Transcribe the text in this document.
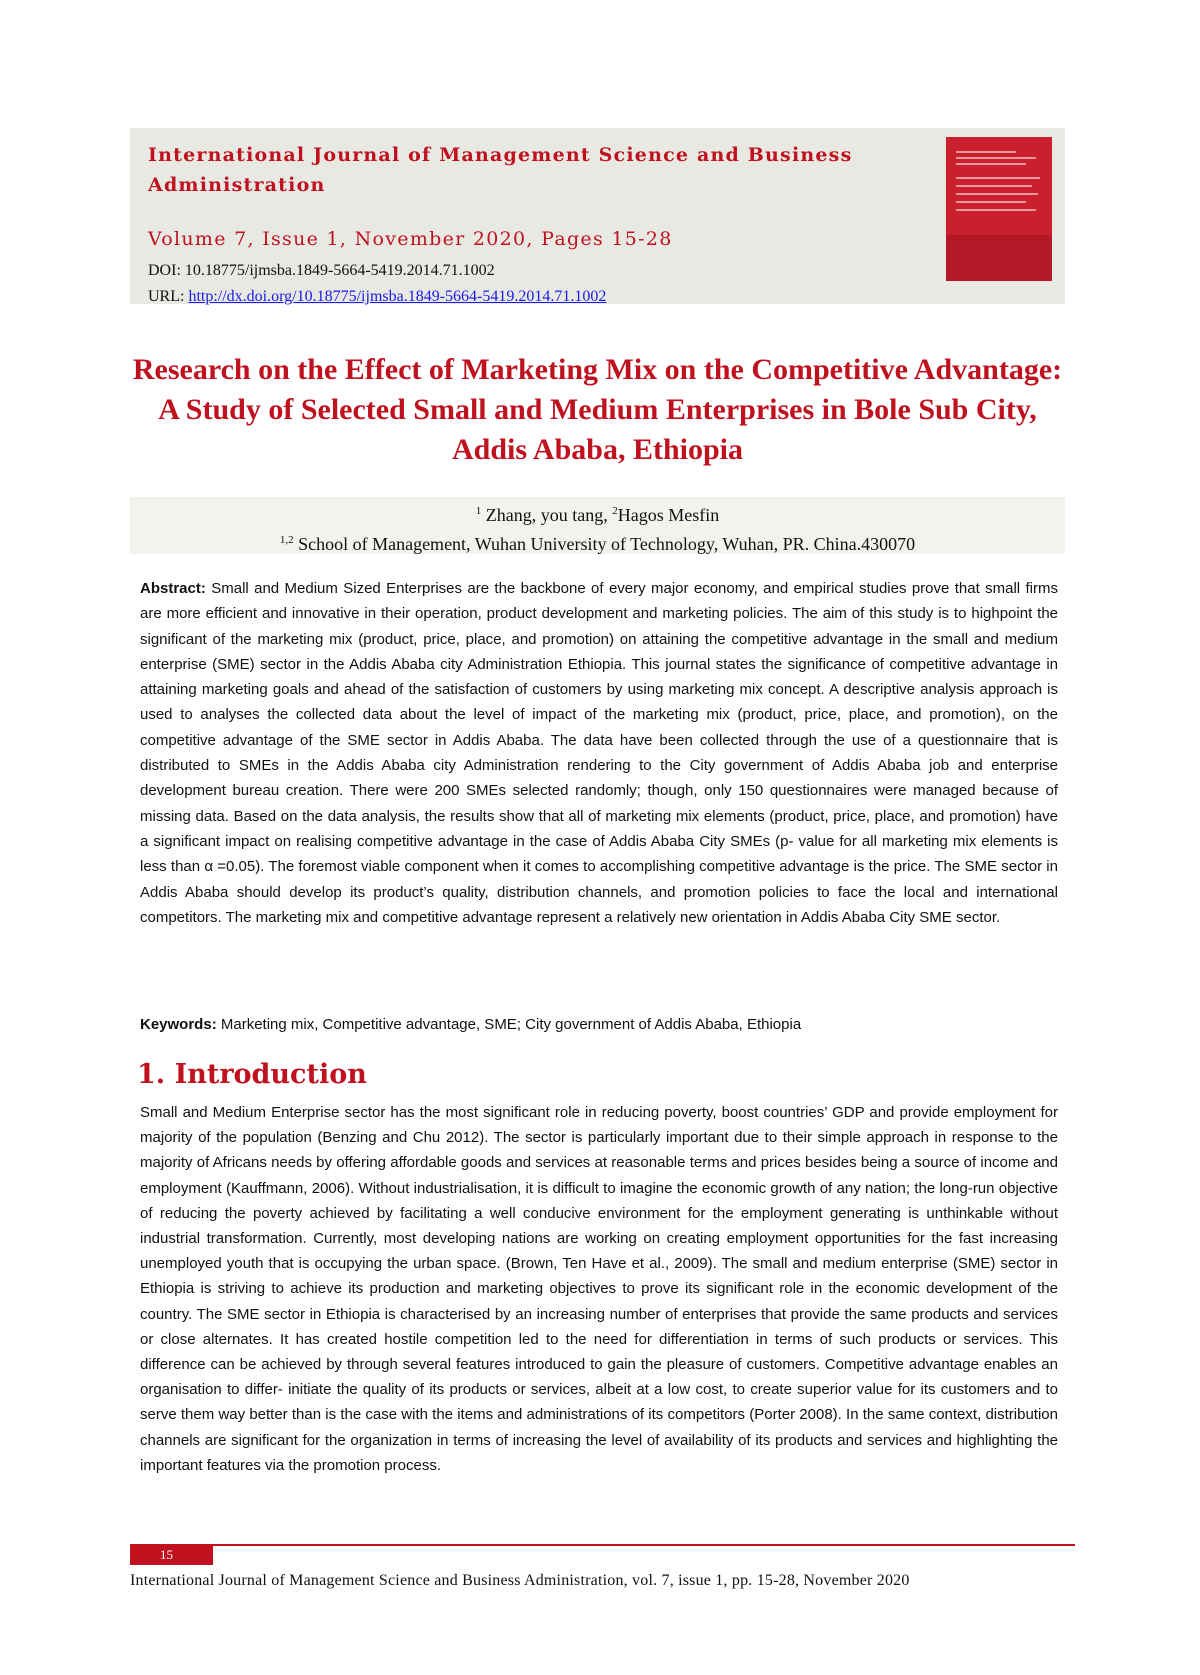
International Journal of Management Science and Business Administration
Volume 7, Issue 1, November 2020, Pages 15-28
DOI: 10.18775/ijmsba.1849-5664-5419.2014.71.1002
URL: http://dx.doi.org/10.18775/ijmsba.1849-5664-5419.2014.71.1002
Research on the Effect of Marketing Mix on the Competitive Advantage: A Study of Selected Small and Medium Enterprises in Bole Sub City, Addis Ababa, Ethiopia
$^1$ Zhang, you tang, $^2$Hagos Mesfin
$^{1,2}$ School of Management, Wuhan University of Technology, Wuhan, PR. China.430070

Abstract: Small and Medium Sized Enterprises are the backbone of every major economy, and empirical studies prove that small firms are more efficient and innovative in their operation, product development and marketing policies. The aim of this study is to highpoint the significant of the marketing mix (product, price, place, and promotion) on attaining the competitive advantage in the small and medium enterprise (SME) sector in the Addis Ababa city Administration Ethiopia. This journal states the significance of competitive advantage in attaining marketing goals and ahead of the satisfaction of customers by using marketing mix concept. A descriptive analysis approach is used to analyses the collected data about the level of impact of the marketing mix (product, price, place, and promotion), on the competitive advantage of the SME sector in Addis Ababa. The data have been collected through the use of a questionnaire that is distributed to SMEs in the Addis Ababa city Administration rendering to the City government of Addis Ababa job and enterprise development bureau creation. There were 200 SMEs selected randomly; though, only 150 questionnaires were managed because of missing data. Based on the data analysis, the results show that all of marketing mix elements (product, price, place, and promotion) have a significant impact on realising competitive advantage in the case of Addis Ababa City SMEs (p- value for all marketing mix elements is less than α =0.05). The foremost viable component when it comes to accomplishing competitive advantage is the price. The SME sector in Addis Ababa should develop its product’s quality, distribution channels, and promotion policies to face the local and international competitors. The marketing mix and competitive advantage represent a relatively new orientation in Addis Ababa City SME sector.

Keywords: Marketing mix, Competitive advantage, SME; City government of Addis Ababa, Ethiopia

1. Introduction

Small and Medium Enterprise sector has the most significant role in reducing poverty, boost countries’ GDP and provide employment for majority of the population (Benzing and Chu 2012). The sector is particularly important due to their simple approach in response to the majority of Africans needs by offering affordable goods and services at reasonable terms and prices besides being a source of income and employment (Kauffmann, 2006). Without industrialisation, it is difficult to imagine the economic growth of any nation; the long-run objective of reducing the poverty achieved by facilitating a well conducive environment for the employment generating is unthinkable without industrial transformation. Currently, most developing nations are working on creating employment opportunities for the fast increasing unemployed youth that is occupying the urban space. (Brown, Ten Have et al., 2009). The small and medium enterprise (SME) sector in Ethiopia is striving to achieve its production and marketing objectives to prove its significant role in the economic development of the country. The SME sector in Ethiopia is characterised by an increasing number of enterprises that provide the same products and services or close alternates. It has created hostile competition led to the need for differentiation in terms of such products or services. This difference can be achieved by through several features introduced to gain the pleasure of customers. Competitive advantage enables an organisation to differ- initiate the quality of its products or services, albeit at a low cost, to create superior value for its customers and to serve them way better than is the case with the items and administrations of its competitors (Porter 2008). In the same context, distribution channels are significant for the organization in terms of increasing the level of availability of its products and services and highlighting the important features via the promotion process.

15
International Journal of Management Science and Business Administration, vol. 7, issue 1, pp. 15-28, November 2020
